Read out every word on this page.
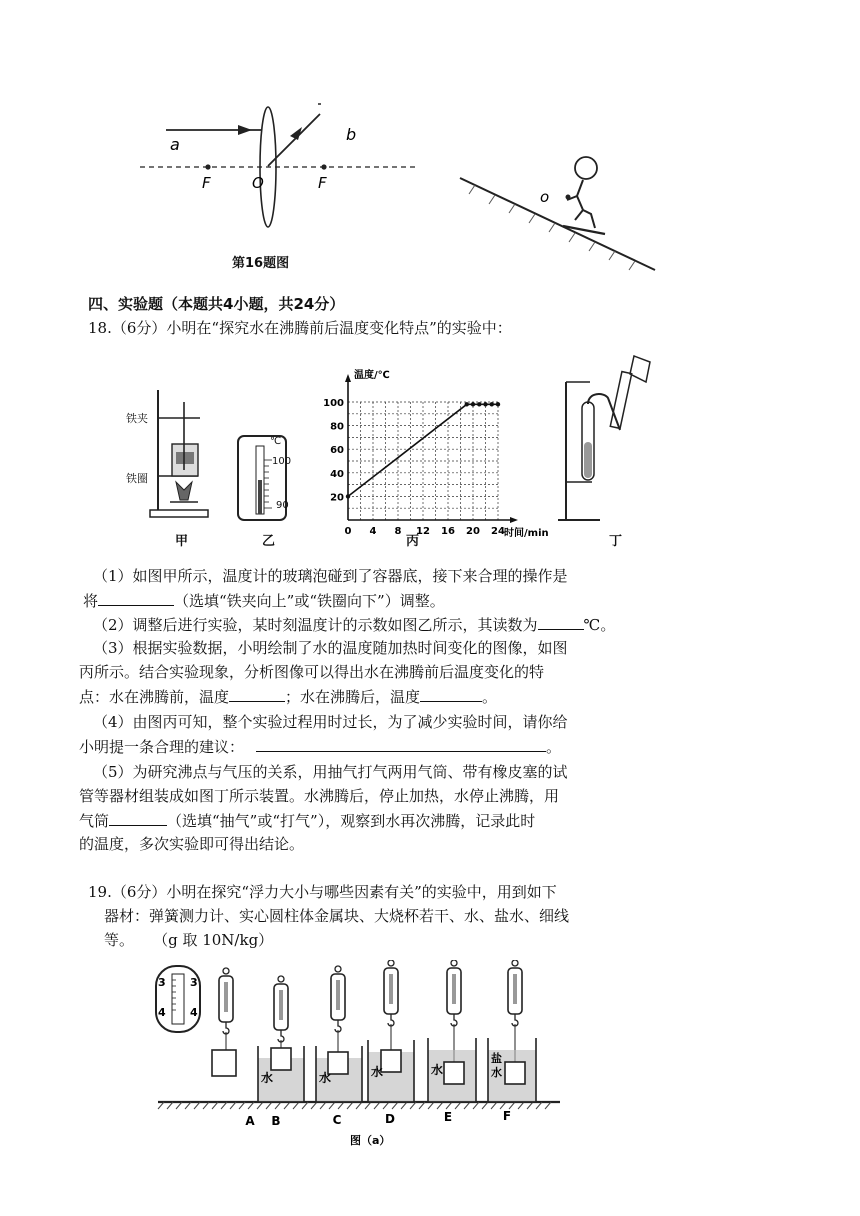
a
b
F	O	F
第16题图
o
四、实验题（本题共4小题，共24分）
18.（6分）小明在“探究水在沸腾前后温度变化特点”的实验中：
铁夹
铁圈
甲
℃
100
90
乙
0 4 8 12 16 20 24
20
40
60
80
100
时间/min
温度/℃
丁
（1）如图甲所示，温度计的玻璃泡碰到了容器底，接下来合理的操作是
将	（选填“铁夹向上”或“铁圈向下”）调整。
（2）调整后进行实验，某时刻温度计的示数如图乙所示，其读数为	℃。
（3）根据实验数据，小明绘制了水的温度随加热时间变化的图像，如图
丙所示。结合实验现象，分析图像可以得出水在沸腾前后温度变化的特
点：水在沸腾前，温度	；水在沸腾后，温度	。
（4）由图丙可知，整个实验过程用时过长，为了减少实验时间，请你给
小明提一条合理的建议：	。
（5）为研究沸点与气压的关系，用抽气打气两用气筒、带有橡皮塞的试
管等器材组装成如图丁所示装置。水沸腾后，停止加热，水停止沸腾，用
气筒	（选填“抽气”或“打气”），观察到水再次沸腾，记录此时
的温度，多次实验即可得出结论。
19.（6分）小明在探究“浮力大小与哪些因素有关”的实验中，用到如下
器材：弹簧测力计、实心圆柱体金属块、大烧杯若干、水、盐水、细线
等。    （g 取 10N/kg）
3 3
4 4
水	水	水	水
盐
水
A B	C	D	E	F
图（a）
丙
